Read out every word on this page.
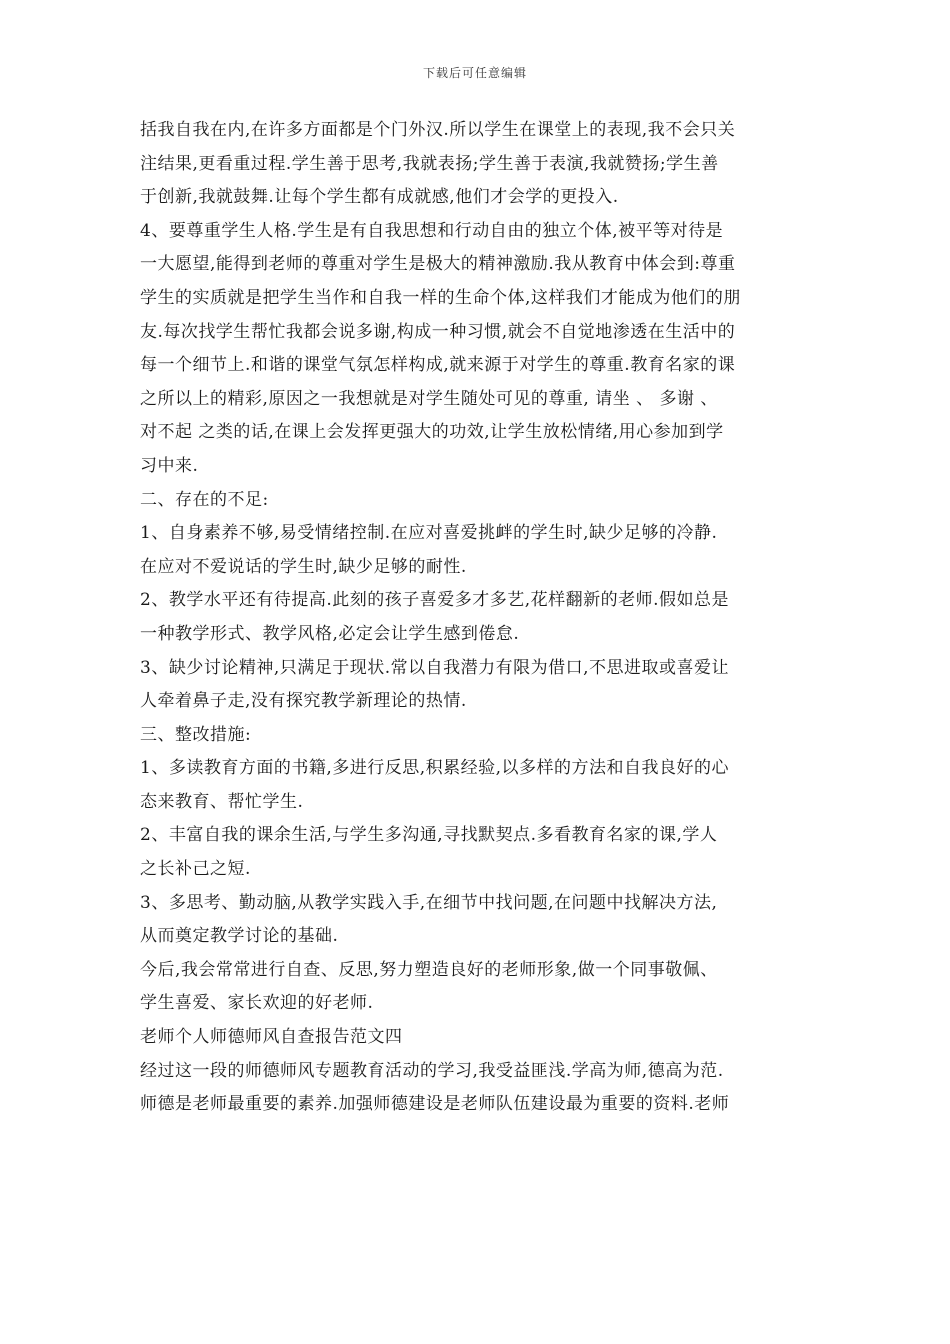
下载后可任意编辑
括我自我在内,在许多方面都是个门外汉.所以学生在课堂上的表现,我不会只关
注结果,更看重过程.学生善于思考,我就表扬;学生善于表演,我就赞扬;学生善
于创新,我就鼓舞.让每个学生都有成就感,他们才会学的更投入.
4、要尊重学生人格.学生是有自我思想和行动自由的独立个体,被平等对待是
一大愿望,能得到老师的尊重对学生是极大的精神激励.我从教育中体会到:尊重
学生的实质就是把学生当作和自我一样的生命个体,这样我们才能成为他们的朋
友.每次找学生帮忙我都会说多谢,构成一种习惯,就会不自觉地渗透在生活中的
每一个细节上.和谐的课堂气氛怎样构成,就来源于对学生的尊重.教育名家的课
之所以上的精彩,原因之一我想就是对学生随处可见的尊重, 请坐 、 多谢 、
对不起 之类的话,在课上会发挥更强大的功效,让学生放松情绪,用心参加到学
习中来.
二、存在的不足:
1、自身素养不够,易受情绪控制.在应对喜爱挑衅的学生时,缺少足够的冷静.
在应对不爱说话的学生时,缺少足够的耐性.
2、教学水平还有待提高.此刻的孩子喜爱多才多艺,花样翻新的老师.假如总是
一种教学形式、教学风格,必定会让学生感到倦怠.
3、缺少讨论精神,只满足于现状.常以自我潜力有限为借口,不思进取或喜爱让
人牵着鼻子走,没有探究教学新理论的热情.
三、整改措施:
1、多读教育方面的书籍,多进行反思,积累经验,以多样的方法和自我良好的心
态来教育、帮忙学生.
2、丰富自我的课余生活,与学生多沟通,寻找默契点.多看教育名家的课,学人
之长补己之短.
3、多思考、勤动脑,从教学实践入手,在细节中找问题,在问题中找解决方法,
从而奠定教学讨论的基础.
今后,我会常常进行自查、反思,努力塑造良好的老师形象,做一个同事敬佩、
学生喜爱、家长欢迎的好老师.
老师个人师德师风自查报告范文四
经过这一段的师德师风专题教育活动的学习,我受益匪浅.学高为师,德高为范.
师德是老师最重要的素养.加强师德建设是老师队伍建设最为重要的资料.老师
